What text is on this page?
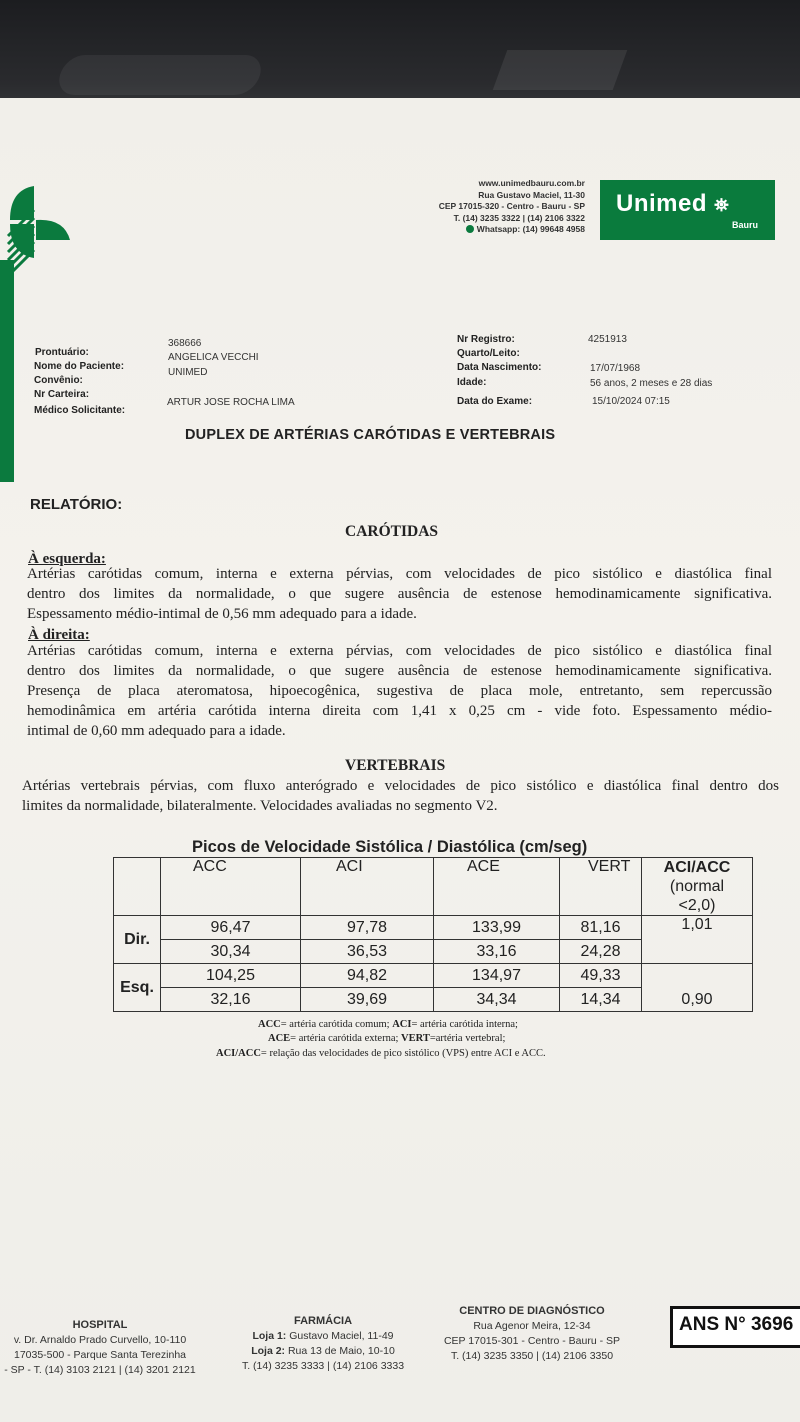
www.unimedbauru.com.br
Rua Gustavo Maciel, 11-30
CEP 17015-320 - Centro - Bauru - SP
T. (14) 3235 3322 | (14) 2106 3322
Whatsapp: (14) 99648 4958
Unimed ⛯
Bauru
Prontuário:
368666
Nome do Paciente:
ANGELICA VECCHI
Convênio:
UNIMED
Nr Carteira:
Médico Solicitante:
ARTUR JOSE ROCHA LIMA
Nr Registro:	4251913
Quarto/Leito:
Data Nascimento:	17/07/1968
Idade:	56 anos, 2 meses e 28 dias
Data do Exame:	15/10/2024 07:15
DUPLEX DE ARTÉRIAS CARÓTIDAS E VERTEBRAIS
RELATÓRIO:
CARÓTIDAS
À esquerda:
Artérias carótidas comum, interna e externa pérvias, com velocidades de pico sistólico e diastólica final
dentro dos limites da normalidade, o que sugere ausência de estenose hemodinamicamente significativa.
Espessamento médio-intimal de 0,56 mm adequado para a idade.
À direita:
Artérias carótidas comum, interna e externa pérvias, com velocidades de pico sistólico e diastólica final
dentro dos limites da normalidade, o que sugere ausência de estenose hemodinamicamente significativa.
Presença de placa ateromatosa, hipoecogênica, sugestiva de placa mole, entretanto, sem repercussão
hemodinâmica em artéria carótida interna direita com 1,41 x 0,25 cm - vide foto. Espessamento médio-
intimal de 0,60 mm adequado para a idade.
VERTEBRAIS
Artérias vertebrais pérvias, com fluxo anterógrado e velocidades de pico sistólico e diastólica final dentro dos
limites da normalidade, bilateralmente. Velocidades avaliadas no segmento V2.
Picos de Velocidade Sistólica / Diastólica (cm/seg)
	ACC	ACI	ACE	VERT	ACI/ACC
(normal
<2,0)

Dir.	96,47	97,78	133,99	81,16	1,01
	30,34	36,53	33,16	24,28	
Esq.	104,25	94,82	134,97	49,33	0,90
	32,16	39,69	34,34	14,34	
ACC= artéria carótida comum; ACI= artéria carótida interna;
ACE= artéria carótida externa; VERT=artéria vertebral;
ACI/ACC= relação das velocidades de pico sistólico (VPS) entre ACI e ACC.
HOSPITAL
v. Dr. Arnaldo Prado Curvello, 10-110
17035-500 - Parque Santa Terezinha
- SP - T. (14) 3103 2121 | (14) 3201 2121
FARMÁCIA
Loja 1: Gustavo Maciel, 11-49
Loja 2: Rua 13 de Maio, 10-10
T. (14) 3235 3333 | (14) 2106 3333
CENTRO DE DIAGNÓSTICO
Rua Agenor Meira, 12-34
CEP 17015-301 - Centro - Bauru - SP
T. (14) 3235 3350 | (14) 2106 3350
ANS N° 3696
